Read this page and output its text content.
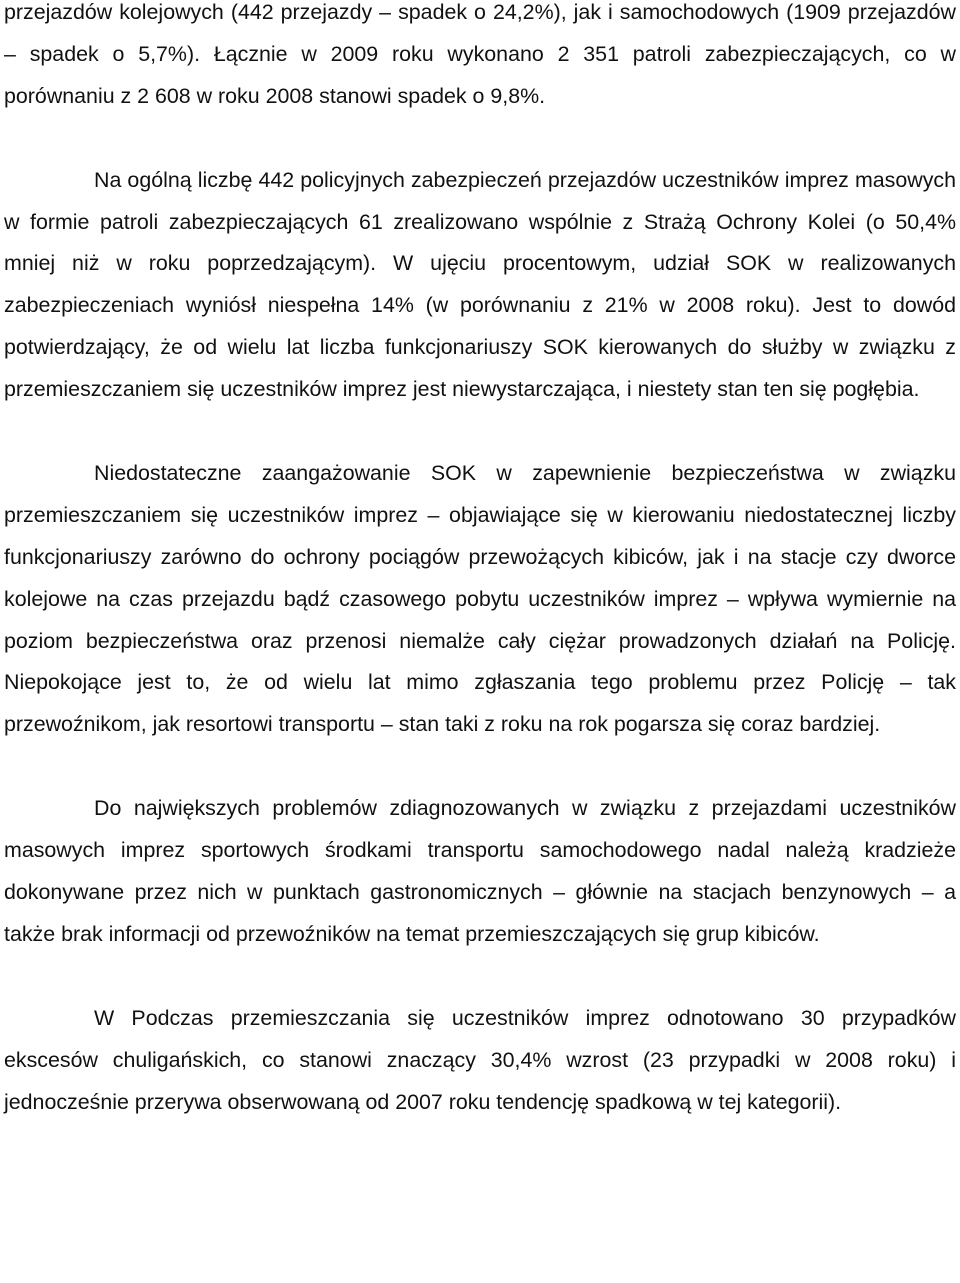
przejazdów kolejowych (442 przejazdy – spadek o 24,2%), jak i samochodowych (1909 przejazdów – spadek o 5,7%). Łącznie w 2009 roku wykonano 2 351 patroli zabezpieczających, co w porównaniu z 2 608 w roku 2008 stanowi spadek o 9,8%.

Na ogólną liczbę 442 policyjnych zabezpieczeń przejazdów uczestników imprez masowych w formie patroli zabezpieczających 61 zrealizowano wspólnie z Strażą Ochrony Kolei (o 50,4% mniej niż w roku poprzedzającym). W ujęciu procentowym, udział SOK w realizowanych zabezpieczeniach wyniósł niespełna 14% (w porównaniu z 21% w 2008 roku). Jest to dowód potwierdzający, że od wielu lat liczba funkcjonariuszy SOK kierowanych do służby w związku z przemieszczaniem się uczestników imprez jest niewystarczająca, i niestety stan ten się pogłębia.

Niedostateczne zaangażowanie SOK w zapewnienie bezpieczeństwa w związku przemieszczaniem się uczestników imprez – objawiające się w kierowaniu niedostatecznej liczby funkcjonariuszy zarówno do ochrony pociągów przewożących kibiców, jak i na stacje czy dworce kolejowe na czas przejazdu bądź czasowego pobytu uczestników imprez – wpływa wymiernie na poziom bezpieczeństwa oraz przenosi niemalże cały ciężar prowadzonych działań na Policję. Niepokojące jest to, że od wielu lat mimo zgłaszania tego problemu przez Policję – tak przewoźnikom, jak resortowi transportu – stan taki z roku na rok pogarsza się coraz bardziej.

Do największych problemów zdiagnozowanych w związku z przejazdami uczestników masowych imprez sportowych środkami transportu samochodowego nadal należą kradzieże dokonywane przez nich w punktach gastronomicznych – głównie na stacjach benzynowych – a także brak informacji od przewoźników na temat przemieszczających się grup kibiców.

W Podczas przemieszczania się uczestników imprez odnotowano 30 przypadków ekscesów chuligańskich, co stanowi znaczący 30,4% wzrost (23 przypadki w 2008 roku) i jednocześnie przerywa obserwowaną od 2007 roku tendencję spadkową w tej kategorii).
